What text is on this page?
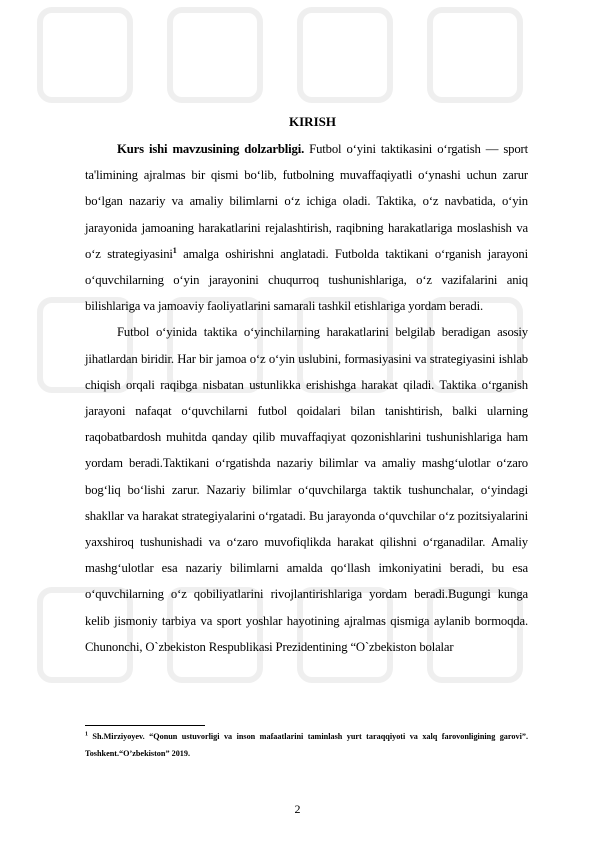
KIRISH

Kurs ishi mavzusining dolzarbligi. Futbol o‘yini taktikasini o‘rgatish — sport ta'limining ajralmas bir qismi bo‘lib, futbolning muvaffaqiyatli o‘ynashi uchun zarur bo‘lgan nazariy va amaliy bilimlarni o‘z ichiga oladi. Taktika, o‘z navbatida, o‘yin jarayonida jamoaning harakatlarini rejalashtirish, raqibning harakatlariga moslashish va o‘z strategiyasini$^1$ amalga oshirishni anglatadi. Futbolda taktikani o‘rganish jarayoni o‘quvchilarning o‘yin jarayonini chuqurroq tushunishlariga, o‘z vazifalarini aniq bilishlariga va jamoaviy faoliyatlarini samarali tashkil etishlariga yordam beradi.

Futbol o‘yinida taktika o‘yinchilarning harakatlarini belgilab beradigan asosiy jihatlardan biridir. Har bir jamoa o‘z o‘yin uslubini, formasiyasini va strategiyasini ishlab chiqish orqali raqibga nisbatan ustunlikka erishishga harakat qiladi. Taktika o‘rganish jarayoni nafaqat o‘quvchilarni futbol qoidalari bilan tanishtirish, balki ularning raqobatbardosh muhitda qanday qilib muvaffaqiyat qozonishlarini tushunishlariga ham yordam beradi.Taktikani o‘rgatishda nazariy bilimlar va amaliy mashg‘ulotlar o‘zaro bog‘liq bo‘lishi zarur. Nazariy bilimlar o‘quvchilarga taktik tushunchalar, o‘yindagi shakllar va harakat strategiyalarini o‘rgatadi. Bu jarayonda o‘quvchilar o‘z pozitsiyalarini yaxshiroq tushunishadi va o‘zaro muvofiqlikda harakat qilishni o‘rganadilar. Amaliy mashg‘ulotlar esa nazariy bilimlarni amalda qo‘llash imkoniyatini beradi, bu esa o‘quvchilarning o‘z qobiliyatlarini rivojlantirishlariga yordam beradi.Bugungi kunga kelib jismoniy tarbiya va sport yoshlar hayotining ajralmas qismiga aylanib bormoqda. Chunonchi, O`zbekiston Respublikasi Prezidentining “O`zbekiston bolalar

$^1$ Sh.Mirziyoyev. “Qonun ustuvorligi va inson mafaatlarini taminlash yurt taraqqiyoti va xalq farovonligining garovi”. Toshkent.“O’zbekiston” 2019.
2
